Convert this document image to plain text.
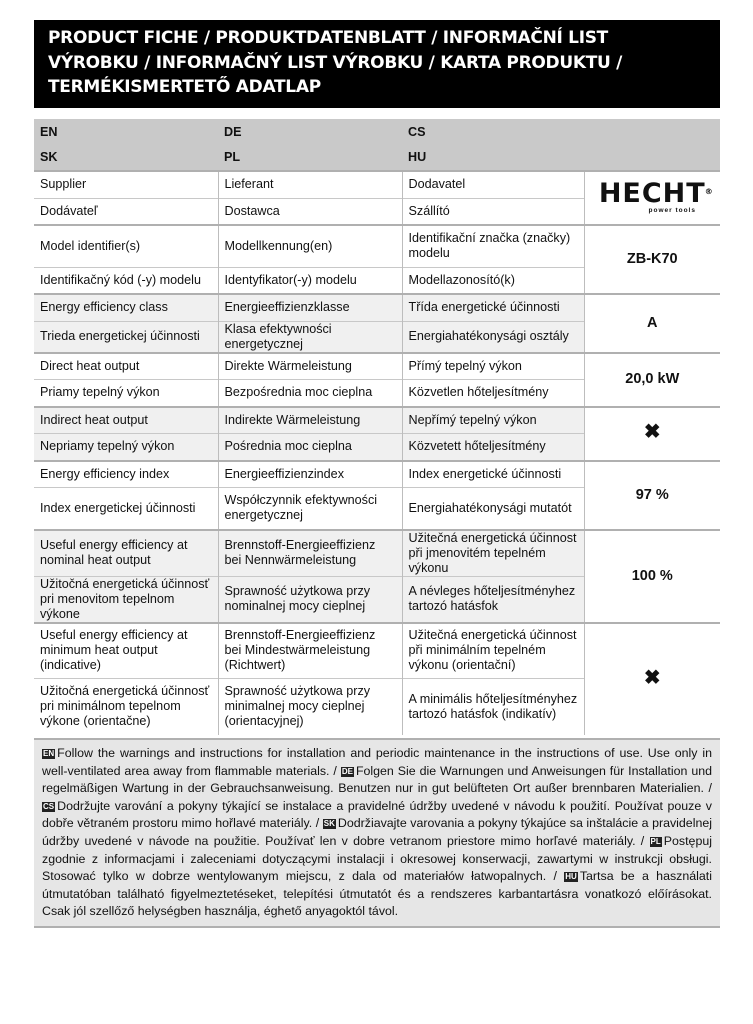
PRODUCT FICHE / PRODUKTDATENBLATT / INFORMAČNÍ LIST
VÝROBKU / INFORMAČNÝ LIST VÝROBKU / KARTA PRODUKTU /
TERMÉKISMERTETŐ ADATLAP
EN	DE	CS	
SK	PL	HU	
Supplier	Lieferant	Dodavatel	HECHT ®
power tools

Dodávateľ	Dostawca	Szállító	
Model identifier(s)	Modellkennung(en)	Identifikační značka (značky) modelu	ZB-K70
Identifikačný kód (-y) modelu	Identyfikator(-y) modelu	Modellazonosító(k)	
Energy efficiency class	Energieeffizienzklasse	Třída energetické účinnosti	A
Trieda energetickej účinnosti	Klasa efektywności energetycznej	Energiahatékonysági osztály	
Direct heat output	Direkte Wärmeleistung	Přímý tepelný výkon	20,0 kW
Priamy tepelný výkon	Bezpośrednia moc cieplna	Közvetlen hőteljesítmény	
Indirect heat output	Indirekte Wärmeleistung	Nepřímý tepelný výkon	✖
Nepriamy tepelný výkon	Pośrednia moc cieplna	Közvetett hőteljesítmény	
Energy efficiency index	Energieeffizienzindex	Index energetické účinnosti	97 %
Index energetickej účinnosti	Współczynnik efektywności energetycznej	Energiahatékonysági mutatót	
Useful energy efficiency at nominal heat output	Brennstoff-Energieeffizienz bei Nennwärmeleistung	Užitečná energetická účinnost při jmenovitém tepelném výkonu	100 %
Užitočná energetická účinnosť pri menovitom tepelnom výkone	Sprawność użytkowa przy nominalnej mocy cieplnej	A névleges hőteljesítményhez tartozó hatásfok	
Useful energy efficiency at minimum heat output (indicative)	Brennstoff-Energieeffizienz bei Mindestwärmeleistung (Richtwert)	Užitečná energetická účinnost při minimálním tepelném výkonu (orientační)	✖
Užitočná energetická účinnosť pri minimálnom tepelnom výkone (orientačne)	Sprawność użytkowa przy minimalnej mocy cieplnej (orientacyjnej)	A minimális hőteljesítményhez tartozó hatásfok (indikatív)	
EN Follow the warnings and instructions for installation and periodic maintenance in the instructions of use. Use only in well-ventilated area away from flammable materials. / DE Folgen Sie die Warnungen und Anweisungen für Installation und regelmäßigen Wartung in der Gebrauchsanweisung. Benutzen nur in gut belüfteten Ort außer brennbaren Materialien. / CS Dodržujte varování a pokyny týkající se instalace a pravidelné údržby uvedené v návodu k použití. Používat pouze v dobře větraném prostoru mimo hořlavé materiály. / SK Dodržiavajte varovania a pokyny týkajúce sa inštalácie a pravidelnej údržby uvedené v návode na použitie. Používať len v dobre vetranom priestore mimo horľavé materiály. / PL Postępuj zgodnie z informacjami i zaleceniami dotyczącymi instalacji i okresowej konserwacji, zawartymi w instrukcji obsługi. Stosować tylko w dobrze wentylowanym miejscu, z dala od materiałów łatwopalnych. / HU Tartsa be a használati útmutatóban található figyelmeztetéseket, telepítési útmutatót és a rendszeres karbantartásra vonatkozó előírásokat. Csak jól szellőző helységben használja, éghető anyagoktól távol.
